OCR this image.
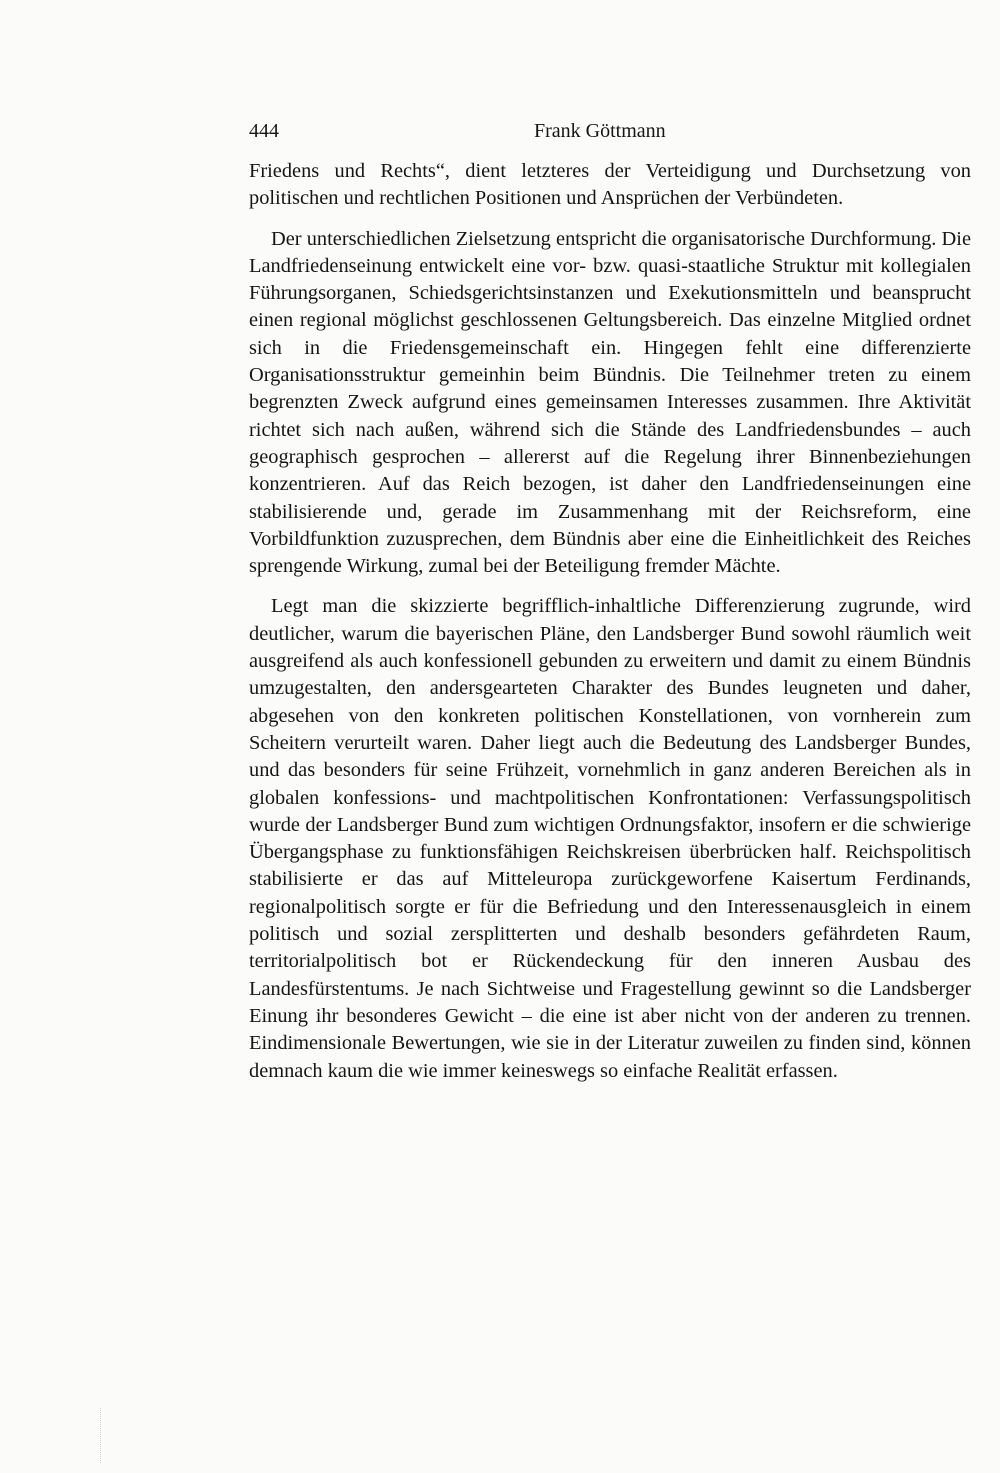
444	Frank Göttmann

Friedens und Rechts“, dient letzteres der Verteidigung und Durchsetzung von politischen und rechtlichen Positionen und Ansprüchen der Verbündeten.

Der unterschiedlichen Zielsetzung entspricht die organisatorische Durchformung. Die Landfriedenseinung entwickelt eine vor- bzw. quasi-staatliche Struktur mit kollegialen Führungsorganen, Schiedsgerichtsinstanzen und Exekutionsmitteln und beansprucht einen regional möglichst geschlossenen Geltungsbereich. Das einzelne Mitglied ordnet sich in die Friedensgemeinschaft ein. Hingegen fehlt eine differenzierte Organisationsstruktur gemeinhin beim Bündnis. Die Teilnehmer treten zu einem begrenzten Zweck aufgrund eines gemeinsamen Interesses zusammen. Ihre Aktivität richtet sich nach außen, während sich die Stände des Landfriedensbundes – auch geographisch gesprochen – allererst auf die Regelung ihrer Binnenbeziehungen konzentrieren. Auf das Reich bezogen, ist daher den Landfriedenseinungen eine stabilisierende und, gerade im Zusammenhang mit der Reichsreform, eine Vorbildfunktion zuzusprechen, dem Bündnis aber eine die Einheitlichkeit des Reiches sprengende Wirkung, zumal bei der Beteiligung fremder Mächte.

Legt man die skizzierte begrifflich-inhaltliche Differenzierung zugrunde, wird deutlicher, warum die bayerischen Pläne, den Landsberger Bund sowohl räumlich weit ausgreifend als auch konfessionell gebunden zu erweitern und damit zu einem Bündnis umzugestalten, den andersgearteten Charakter des Bundes leugneten und daher, abgesehen von den konkreten politischen Konstellationen, von vornherein zum Scheitern verurteilt waren. Daher liegt auch die Bedeutung des Landsberger Bundes, und das besonders für seine Frühzeit, vornehmlich in ganz anderen Bereichen als in globalen konfessions- und machtpolitischen Konfrontationen: Verfassungspolitisch wurde der Landsberger Bund zum wichtigen Ordnungsfaktor, insofern er die schwierige Übergangsphase zu funktionsfähigen Reichskreisen überbrücken half. Reichspolitisch stabilisierte er das auf Mitteleuropa zurückgeworfene Kaisertum Ferdinands, regionalpolitisch sorgte er für die Befriedung und den Interessenausgleich in einem politisch und sozial zersplitterten und deshalb besonders gefährdeten Raum, territorialpolitisch bot er Rückendeckung für den inneren Ausbau des Landesfürstentums. Je nach Sichtweise und Fragestellung gewinnt so die Landsberger Einung ihr besonderes Gewicht – die eine ist aber nicht von der anderen zu trennen. Eindimensionale Bewertungen, wie sie in der Literatur zuweilen zu finden sind, können demnach kaum die wie immer keineswegs so einfache Realität erfassen.
